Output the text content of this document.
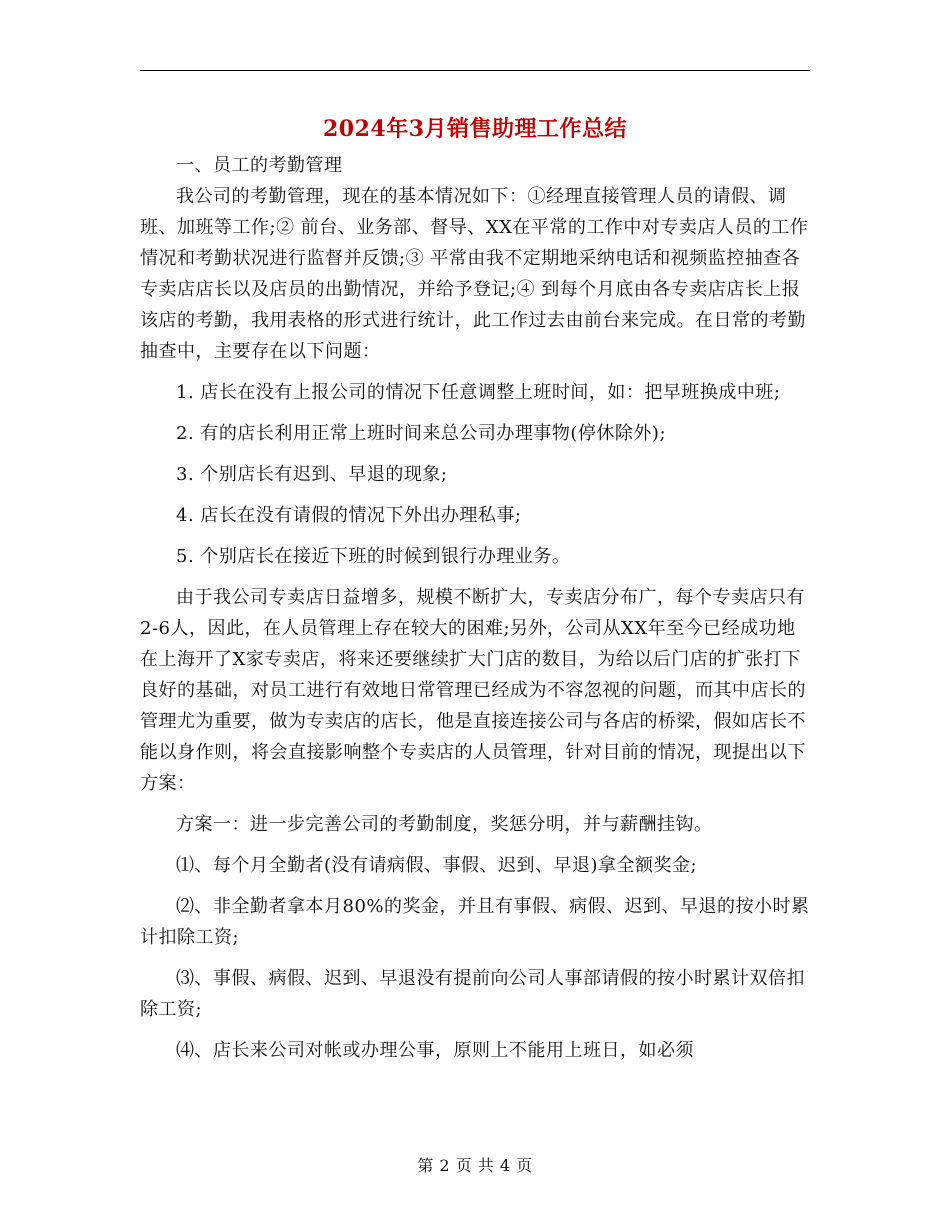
2024年3月销售助理工作总结

一、员工的考勤管理

我公司的考勤管理，现在的基本情况如下：①经理直接管理人员的请假、调班、加班等工作;② 前台、业务部、督导、XX在平常的工作中对专卖店人员的工作情况和考勤状况进行监督并反馈;③ 平常由我不定期地采纳电话和视频监控抽查各专卖店店长以及店员的出勤情况，并给予登记;④ 到每个月底由各专卖店店长上报该店的考勤，我用表格的形式进行统计，此工作过去由前台来完成。在日常的考勤抽查中，主要存在以下问题：

1. 店长在没有上报公司的情况下任意调整上班时间，如：把早班换成中班;

2. 有的店长利用正常上班时间来总公司办理事物(停休除外);

3. 个别店长有迟到、早退的现象;

4. 店长在没有请假的情况下外出办理私事;

5. 个别店长在接近下班的时候到银行办理业务。

由于我公司专卖店日益增多，规模不断扩大，专卖店分布广，每个专卖店只有2-6人，因此，在人员管理上存在较大的困难;另外，公司从XX年至今已经成功地在上海开了X家专卖店，将来还要继续扩大门店的数目，为给以后门店的扩张打下良好的基础，对员工进行有效地日常管理已经成为不容忽视的问题，而其中店长的管理尤为重要，做为专卖店的店长，他是直接连接公司与各店的桥梁，假如店长不能以身作则，将会直接影响整个专卖店的人员管理，针对目前的情况，现提出以下方案：

方案一：进一步完善公司的考勤制度，奖惩分明，并与薪酬挂钩。

⑴、每个月全勤者(没有请病假、事假、迟到、早退)拿全额奖金;

⑵、非全勤者拿本月80%的奖金，并且有事假、病假、迟到、早退的按小时累计扣除工资;

⑶、事假、病假、迟到、早退没有提前向公司人事部请假的按小时累计双倍扣除工资;

⑷、店长来公司对帐或办理公事，原则上不能用上班日，如必须

第 2 页 共 4 页
